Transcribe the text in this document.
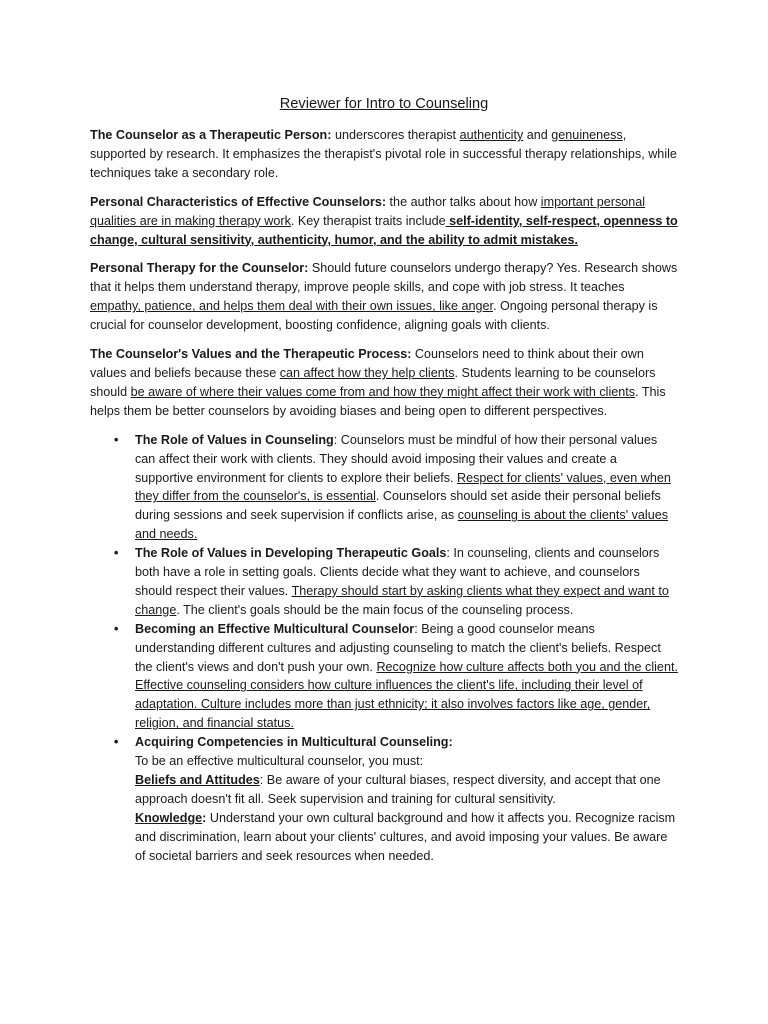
Reviewer for Intro to Counseling

The Counselor as a Therapeutic Person: underscores therapist authenticity and genuineness, supported by research. It emphasizes the therapist's pivotal role in successful therapy relationships, while techniques take a secondary role.

Personal Characteristics of Effective Counselors: the author talks about how important personal qualities are in making therapy work. Key therapist traits include self-identity, self-respect, openness to change, cultural sensitivity, authenticity, humor, and the ability to admit mistakes.

Personal Therapy for the Counselor: Should future counselors undergo therapy? Yes. Research shows that it helps them understand therapy, improve people skills, and cope with job stress. It teaches empathy, patience, and helps them deal with their own issues, like anger. Ongoing personal therapy is crucial for counselor development, boosting confidence, aligning goals with clients.

The Counselor's Values and the Therapeutic Process: Counselors need to think about their own values and beliefs because these can affect how they help clients. Students learning to be counselors should be aware of where their values come from and how they might affect their work with clients. This helps them be better counselors by avoiding biases and being open to different perspectives.

• The Role of Values in Counseling: Counselors must be mindful of how their personal values can affect their work with clients. They should avoid imposing their values and create a supportive environment for clients to explore their beliefs. Respect for clients' values, even when they differ from the counselor's, is essential. Counselors should set aside their personal beliefs during sessions and seek supervision if conflicts arise, as counseling is about the clients' values and needs.
• The Role of Values in Developing Therapeutic Goals: In counseling, clients and counselors both have a role in setting goals. Clients decide what they want to achieve, and counselors should respect their values. Therapy should start by asking clients what they expect and want to change. The client's goals should be the main focus of the counseling process.
• Becoming an Effective Multicultural Counselor: Being a good counselor means understanding different cultures and adjusting counseling to match the client's beliefs. Respect the client's views and don't push your own. Recognize how culture affects both you and the client. Effective counseling considers how culture influences the client's life, including their level of adaptation. Culture includes more than just ethnicity; it also involves factors like age, gender, religion, and financial status.
• Acquiring Competencies in Multicultural Counseling:
To be an effective multicultural counselor, you must:
Beliefs and Attitudes: Be aware of your cultural biases, respect diversity, and accept that one approach doesn't fit all. Seek supervision and training for cultural sensitivity.
Knowledge: Understand your own cultural background and how it affects you. Recognize racism and discrimination, learn about your clients' cultures, and avoid imposing your values. Be aware of societal barriers and seek resources when needed.
